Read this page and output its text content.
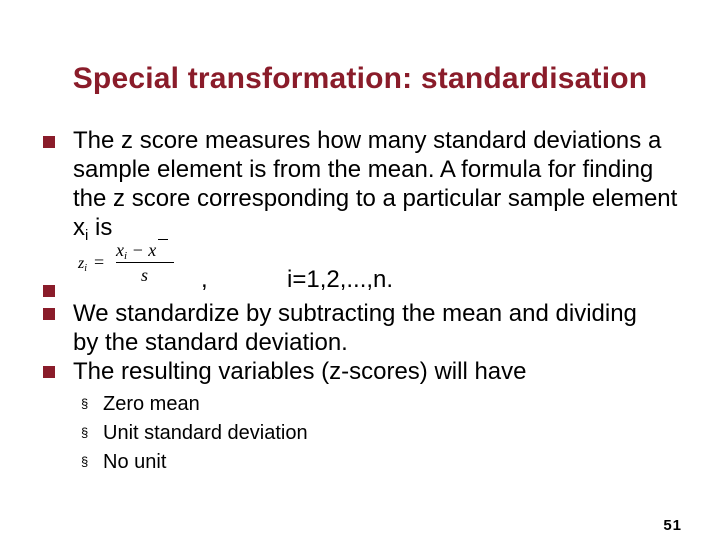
Special transformation: standardisation
The z score measures how many standard deviations a sample element is from the mean. A formula for finding the z score corresponding to a particular sample element $x_i$ is
$z_i$ =
$x_i - x$
s ,	i=1,2,...,n.
We standardize by subtracting the mean and dividing by the standard deviation.
The resulting variables (z-scores) will have
§ Zero mean
§ Unit standard deviation
§ No unit
51
